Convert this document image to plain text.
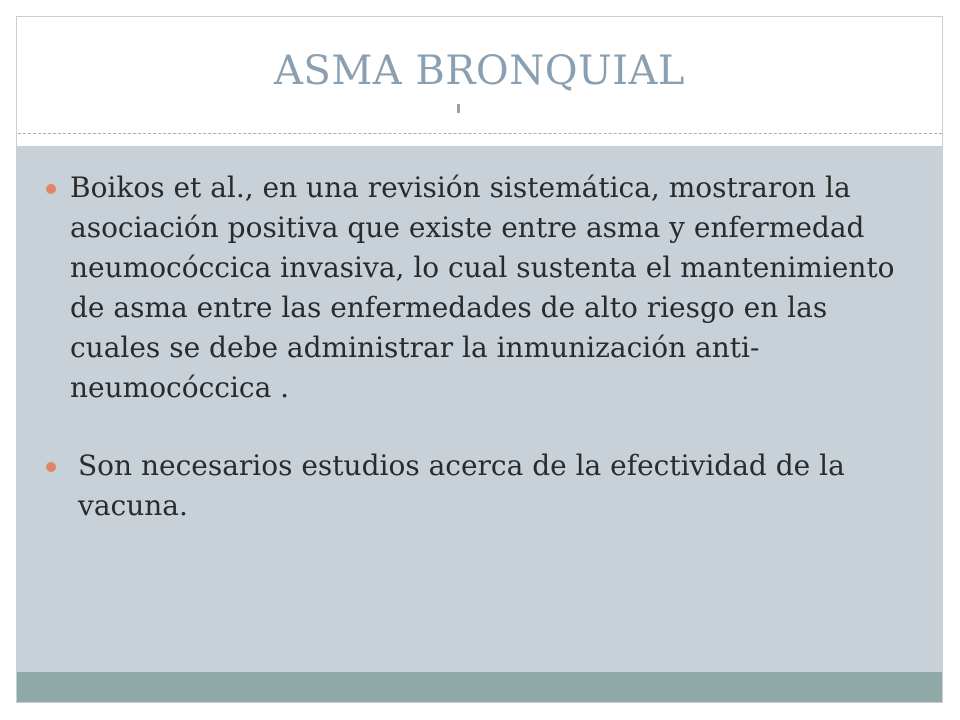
ASMA BRONQUIAL
Boikos et al., en una revisión sistemática, mostraron la asociación positiva que existe entre asma y enfermedad neumocóccica invasiva, lo cual sustenta el mantenimiento de asma entre las enfermedades de alto riesgo en las cuales se debe administrar la inmunización anti-neumocóccica .
Son necesarios estudios acerca de la efectividad de la vacuna.
